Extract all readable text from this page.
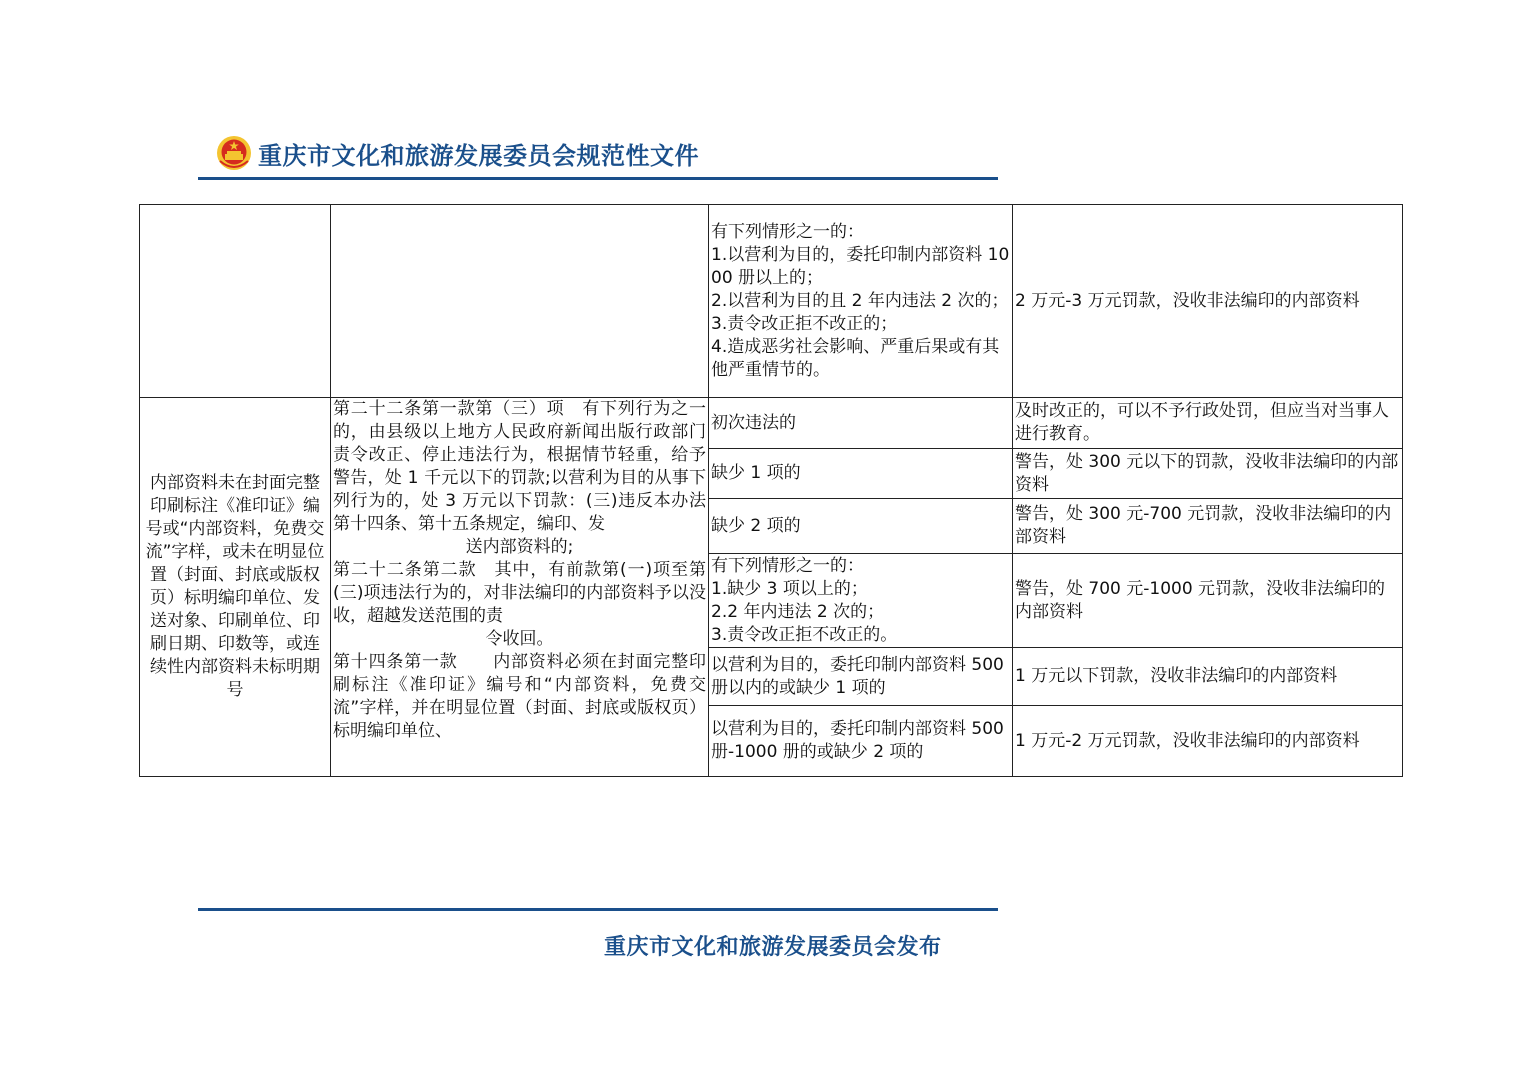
重庆市文化和旅游发展委员会规范性文件
		有下列情形之一的：
1.以营利为目的，委托印制内部资料 1000 册以上的；
2.以营利为目的且 2 年内违法 2 次的；
3.责令改正拒不改正的；
4.造成恶劣社会影响、严重后果或有其他严重情节的。	2 万元-3 万元罚款，没收非法编印的内部资料
内部资料未在封面完整印刷标注《准印证》编号或“内部资料，免费交流”字样，或未在明显位置（封面、封底或版权页）标明编印单位、发送对象、印刷单位、印刷日期、印数等，或连续性内部资料未标明期号	第二十二条第一款第（三）项　有下列行为之一的，由县级以上地方人民政府新闻出版行政部门责令改正、停止违法行为，根据情节轻重，给予警告，处 1 千元以下的罚款;以营利为目的从事下列行为的，处 3 万元以下罚款：(三)违反本办法第十四条、第十五条规定，编印、发

送内部资料的;

第二十二条第二款　其中，有前款第(一)项至第(三)项违法行为的，对非法编印的内部资料予以没收，超越发送范围的责

令收回。

第十四条第一款　　内部资料必须在封面完整印刷标注《准印证》编号和“内部资料，免费交流”字样，并在明显位置（封面、封底或版权页）标明编印单位、	初次违法的	及时改正的，可以不予行政处罚，但应当对当事人进行教育。
		缺少 1 项的	警告，处 300 元以下的罚款，没收非法编印的内部资料
		缺少 2 项的	警告，处 300 元-700 元罚款，没收非法编印的内部资料
		有下列情形之一的：
1.缺少 3 项以上的；
2.2 年内违法 2 次的；
3.责令改正拒不改正的。	警告，处 700 元-1000 元罚款，没收非法编印的内部资料
		以营利为目的，委托印制内部资料 500 册以内的或缺少 1 项的	1 万元以下罚款，没收非法编印的内部资料
		以营利为目的，委托印制内部资料 500 册-1000 册的或缺少 2 项的	1 万元-2 万元罚款，没收非法编印的内部资料
重庆市文化和旅游发展委员会发布
